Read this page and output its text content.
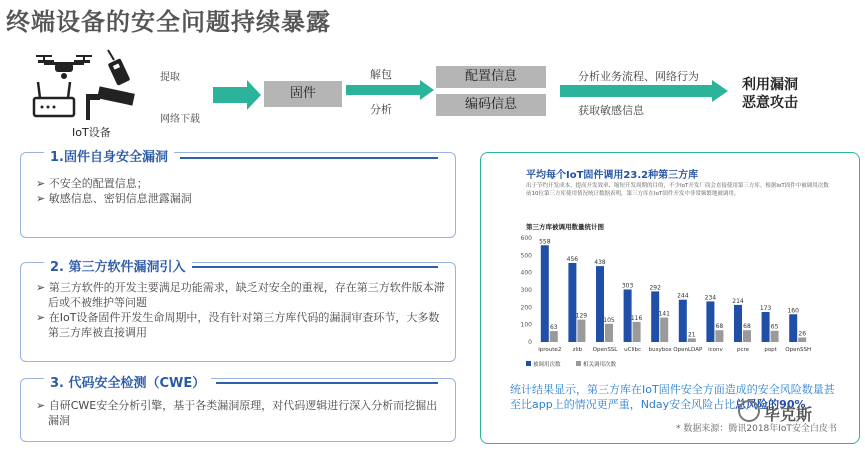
终端设备的安全问题持续暴露
IoT设备
提取
网络下载
固件
解包
分析
配置信息
编码信息
分析业务流程、网络行为
获取敏感信息
利用漏洞
恶意攻击
1.固件自身安全漏洞
➢ 不安全的配置信息；
➢ 敏感信息、密钥信息泄露漏洞
2. 第三方软件漏洞引入
➢ 第三方软件的开发主要满足功能需求，缺乏对安全的重视，存在第三方软件版本滞后或不被维护等问题
➢ 在IoT设备固件开发生命周期中，没有针对第三方库代码的漏洞审查环节，大多数第三方库被直接调用
3. 代码安全检测（CWE）
➢ 自研CWE安全分析引擎，基于各类漏洞原理，对代码逻辑进行深入分析而挖掘出漏洞
平均每个IoT固件调用23.2种第三方库
出于节约开发成本、提高开发效率、缩短开发周期的目的，不少IoT开发厂商会直接使用第三方库。根据IoT固件中被调用次数前10位第三方库使用情况统计数据表明，第三方库在IoT固件开发中非常频繁地被调用。
第三方库被调用数量统计图
0
100
200
300
400
500
600 558
63
iproute2
456
129
zlib
438
105
OpenSSL
303
116
uClibc
292
141
busybox
244
21
OpenLDAP
234
68
iconv
214
68
pcre
173
65
popt
160
26
OpenSSH
被调用次数	相关调用次数
统计结果显示，第三方库在IoT固件安全方面造成的安全风险数量甚
至比app上的情况更严重，Nday安全风险占比总风险的90%
* 数据来源：腾讯2018年IoT安全白皮书
毕克斯
